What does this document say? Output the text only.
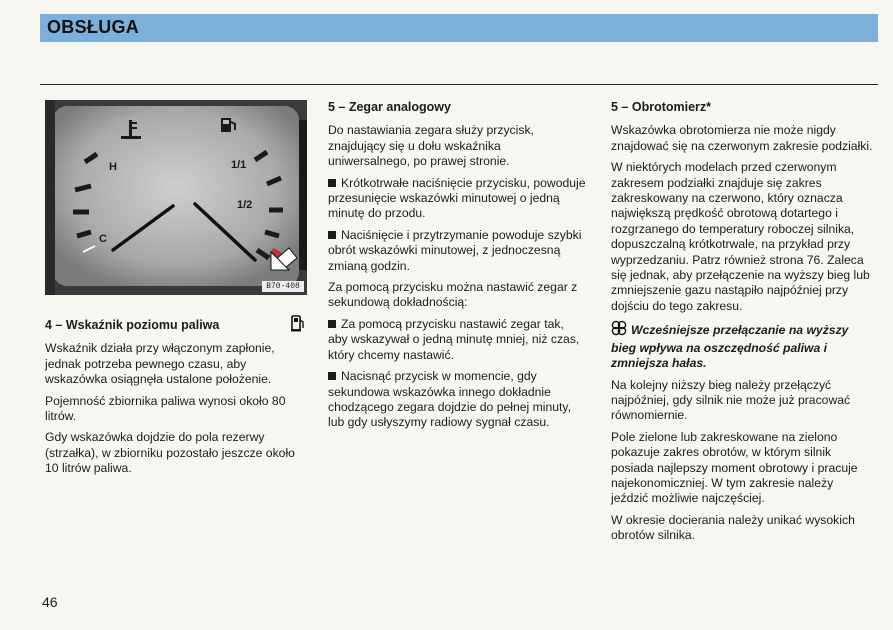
OBSŁUGA
H
C
1/1
1/2
B70-408
4 – Wskaźnik poziomu paliwa

Wskaźnik działa przy włączonym zapłonie, jednak potrzeba pewnego czasu, aby wskazówka osiągnęła ustalone położenie.

Pojemność zbiornika paliwa wynosi około 80 litrów.

Gdy wskazówka dojdzie do pola rezerwy (strzałka), w zbiorniku pozostało jeszcze około 10 litrów paliwa.

5 – Zegar analogowy

Do nastawiania zegara służy przycisk, znajdujący się u dołu wskaźnika uniwersalnego, po prawej stronie.

Krótkotrwałe naciśnięcie przycisku, powoduje przesunięcie wskazówki minutowej o jedną minutę do przodu.

Naciśnięcie i przytrzymanie powoduje szybki obrót wskazówki minutowej, z jednoczesną zmianą godzin.

Za pomocą przycisku można nastawić zegar z sekundową dokładnością:

Za pomocą przycisku nastawić zegar tak, aby wskazywał o jedną minutę mniej, niż czas, który chcemy nastawić.

Nacisnąć przycisk w momencie, gdy sekundowa wskazówka innego dokładnie chodzącego zegara dojdzie do pełnej minuty, lub gdy usłyszymy radiowy sygnał czasu.

5 – Obrotomierz*

Wskazówka obrotomierza nie może nigdy znajdować się na czerwonym zakresie podziałki.

W niektórych modelach przed czerwonym zakresem podziałki znajduje się zakres zakreskowany na czerwono, który oznacza największą prędkość obrotową dotartego i rozgrzanego do temperatury roboczej silnika, dopuszczalną krótkotrwale, na przykład przy wyprzedzaniu. Patrz również strona 76. Zaleca się jednak, aby przełączenie na wyższy bieg lub zmniejszenie gazu nastąpiło najpóźniej przy dojściu do tego zakresu.

Wcześniejsze przełączanie na wyższy bieg wpływa na oszczędność paliwa i zmniejsza hałas.

Na kolejny niższy bieg należy przełączyć najpóźniej, gdy silnik nie może już pracować równomiernie.

Pole zielone lub zakreskowane na zielono pokazuje zakres obrotów, w którym silnik posiada najlepszy moment obrotowy i pracuje najekonomiczniej. W tym zakresie należy jeździć możliwie najczęściej.

W okresie docierania należy unikać wysokich obrotów silnika.

46
